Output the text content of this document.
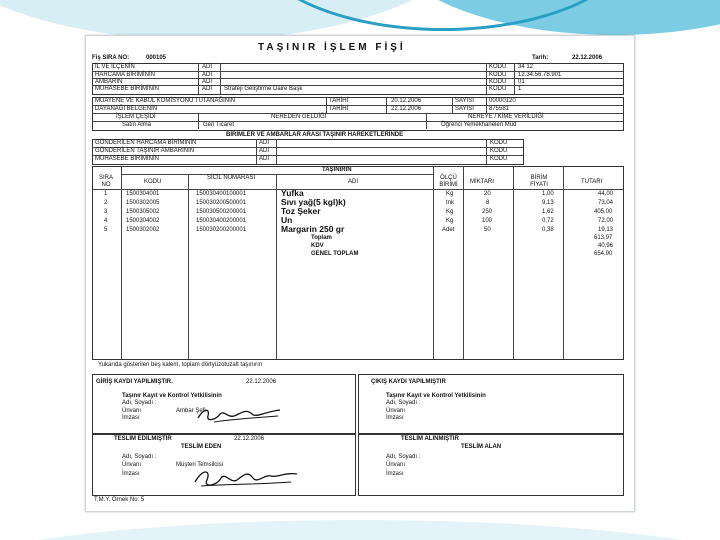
TAŞINIR İŞLEM FİŞİ
Fiş SIRA NO:	000105	Tarih:	22.12.2006
İL VE İLÇENİN	ADI	KODU 34 12
HARCAMA BİRİMİNİN	ADI	KODU 12.34.56.78.901
AMBARIN	ADI	KODU 01
MUHASEBE BİRİMİNİN	ADI Strateji Geliştirme Daire Başk	KODU 1
MUAYENE VE KABUL KOMİSYONU TUTANAĞININ
DAYANAĞI BELGENİN
TARİHİ	20.12.2006	SAYISI	00000120
TARİHİ	22.12.2006	SAYISI	875581
İŞLEM ÇEŞİDİ	NEREDEN GELDİĞİ	NEREYE / KİME VERİLDİĞİ
Satın Alma	Gen Ticaret	Öğrenci Yemekhaneleri Müd
BİRİMLER VE AMBARLAR ARASI TAŞINIR HAREKETLERİNDE
GÖNDERİLEN HARCAMA BİRİMİNİN	ADI	KODU
GÖNDERİLEN TAŞINIR AMBARININ	ADI	KODU
MUHASEBE BİRİMİNİN	ADI	KODU
TAŞINIRIN
SIRA NO	KODU
SİCİL NUMARASI
ADI
ÖLÇÜ BİRİMİ	MİKTARI
BİRİM FİYATI	TUTARI
1	1500304001	150030400100001	Yufka	Kg	20	1,00	44,00
2	1500302005	150030200500001	Sıvı yağ(5 kgl)k)	tnk	8	9,13	73,04
3	1500305002	150030500200001	Toz Şeker	Kg	250	1,62	405,00
4	1500304002	150030400200001	Un	Kg	100	0,72	72,00
5	1500302002	150030200200001	Margarin 250 gr	Adet	50	0,38	19,13
Toplam	613,97
KDV	40,96
GENEL TOPLAM	654,90
Yukarıda gösterilen beş kalem, toplam dörtyüzotuzalt taşınırın
GİRİŞ KAYDI YAPILMIŞTIR.	22.12.2006
Taşınır Kayıt ve Kontrol Yetkilisinin
Adı, Soyadı :
Ünvanı	Ambar Şefi
İmzası
ÇIKIŞ KAYDI YAPILMIŞTIR
Taşınır Kayıt ve Kontrol Yetkilisinin
Adı, Soyadı :
Ünvanı
İmzası
TESLİM EDİLMİŞTİR	22.12.2006
TESLİM EDEN
Adı, Soyadı :
Ünvanı	Müşteri Temsilcisi
İmzası
TESLİM ALINMIŞTIR
TESLİM ALAN
Adı, Soyadı :
Ünvanı
İmzası
T.M.Y. Örnek No: 5
